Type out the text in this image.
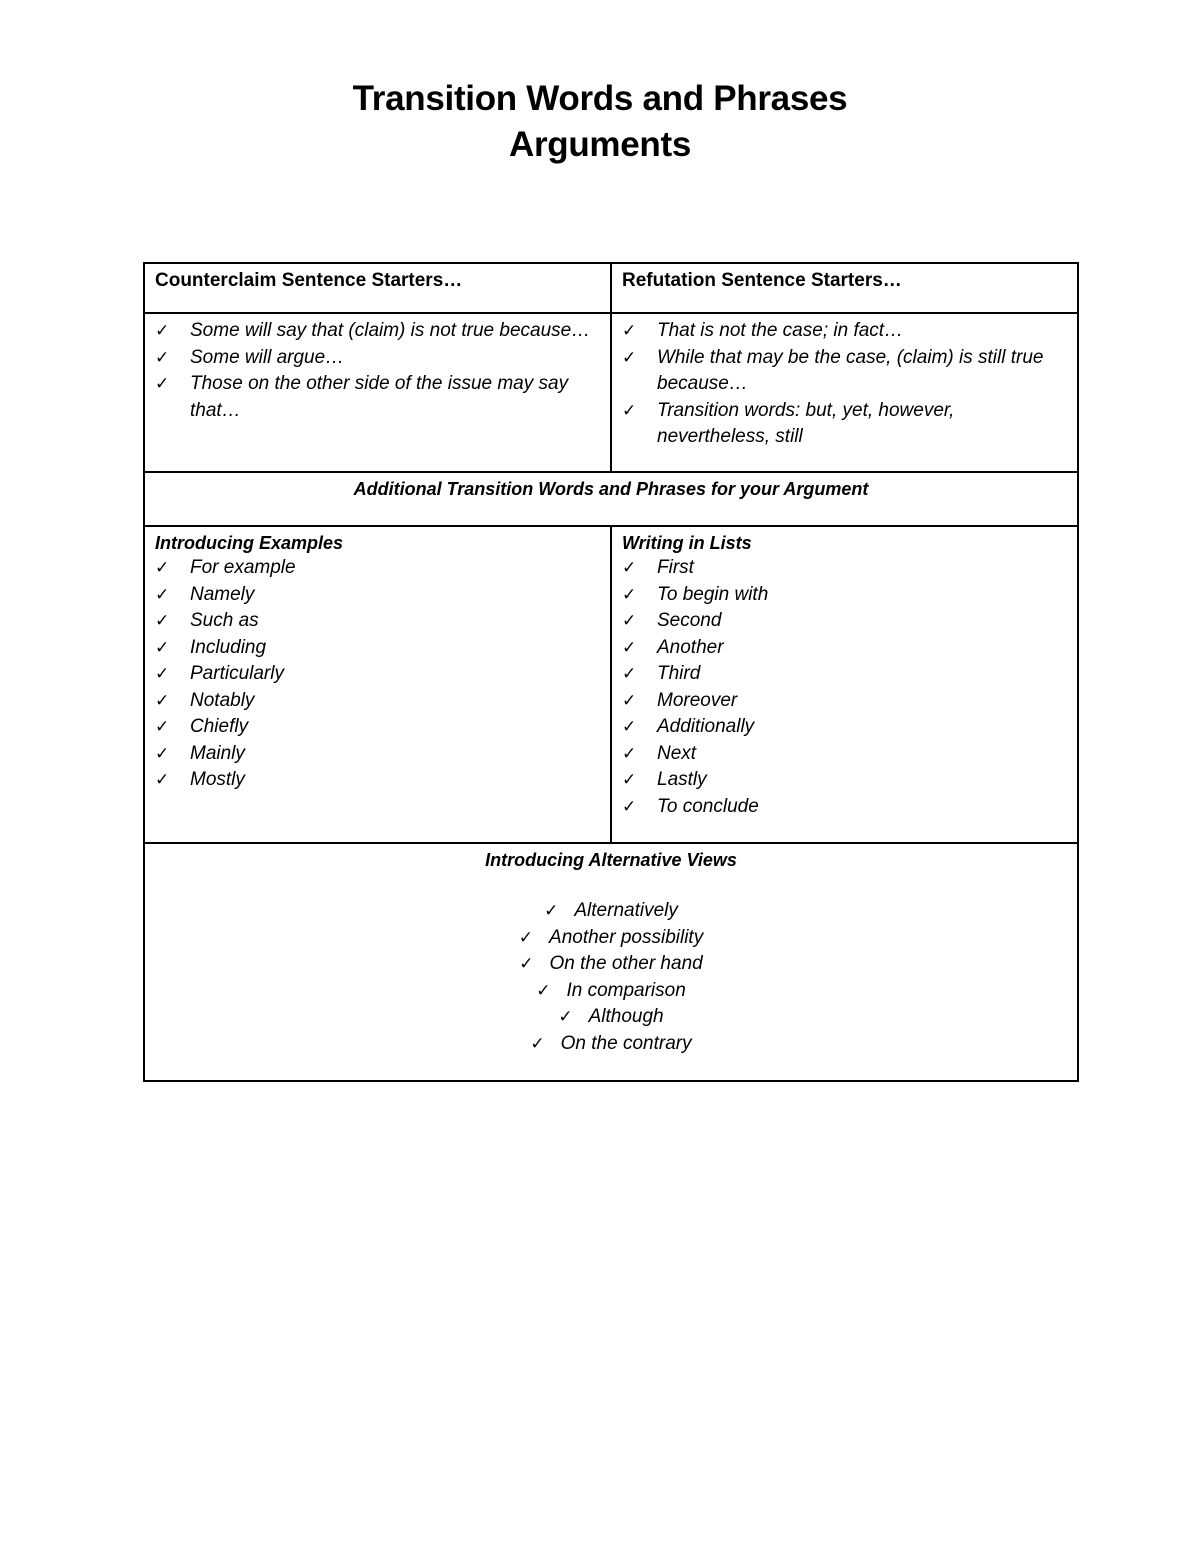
Transition Words and Phrases

Arguments

Counterclaim Sentence Starters…	Refutation Sentence Starters…

✓ Some will say that (claim) is not true because…
✓ Some will argue…
✓ Those on the other side of the issue may say that…
✓ That is not the case; in fact…
✓ While that may be the case, (claim) is still true because…
✓ Transition words: but, yet, however, nevertheless, still

Additional Transition Words and Phrases for your Argument

Introducing Examples

✓ For example
✓ Namely
✓ Such as
✓ Including
✓ Particularly
✓ Notably
✓ Chiefly
✓ Mainly
✓ Mostly

Writing in Lists

✓ First
✓ To begin with
✓ Second
✓ Another
✓ Third
✓ Moreover
✓ Additionally
✓ Next
✓ Lastly
✓ To conclude

Introducing Alternative Views

✓ Alternatively
✓ Another possibility
✓ On the other hand
✓ In comparison
✓ Although
✓ On the contrary
